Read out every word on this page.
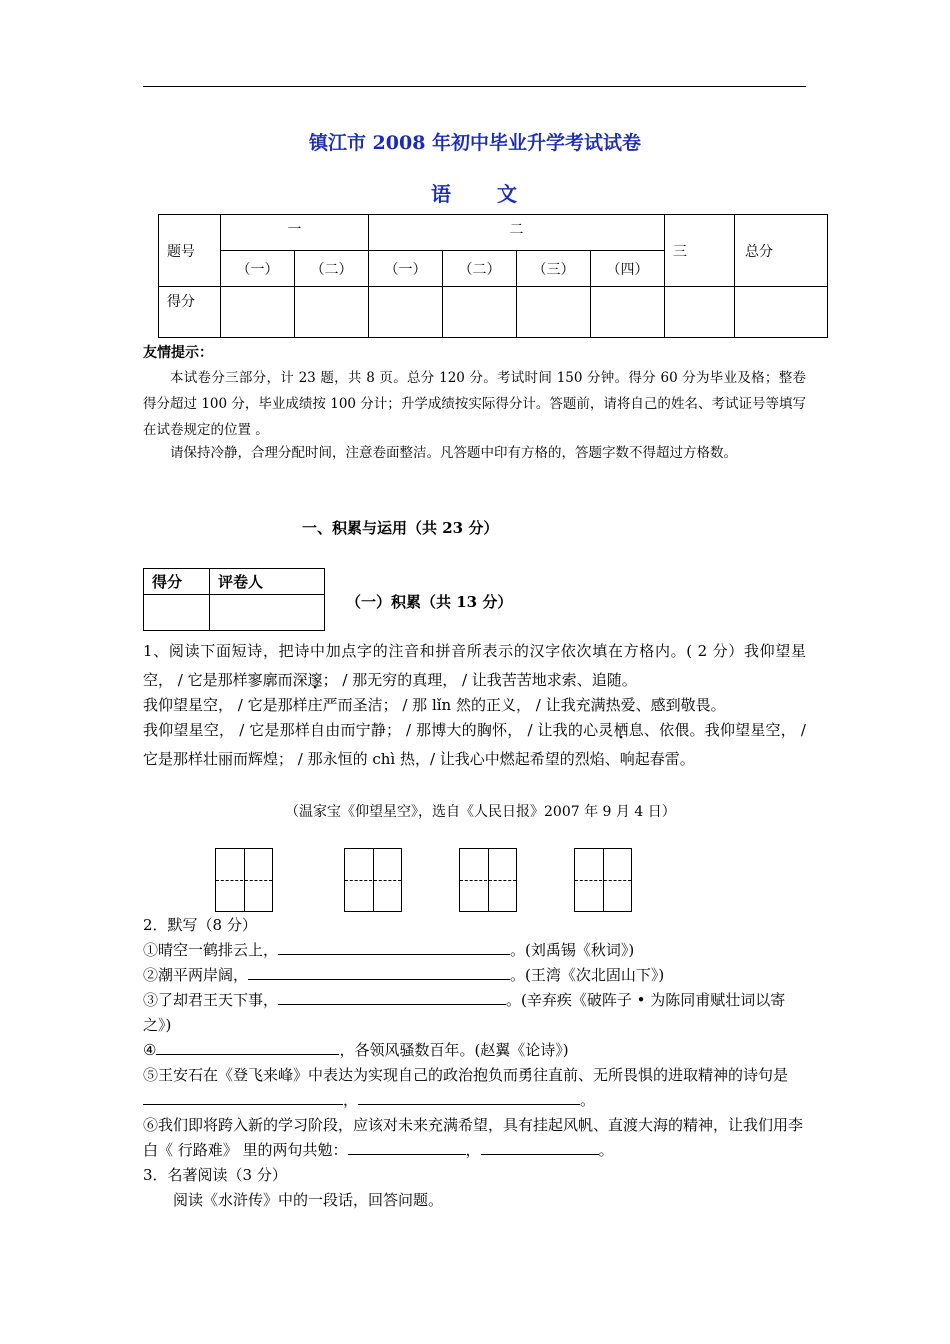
镇江市 2008 年初中毕业升学考试试卷
语 文
题号	一		二				三	总分
	（一）	（二）	（一）	（二）	（三）	（四）		
得分								
友情提示：
本试卷分三部分，计 23 题，共 8 页。总分 120 分。考试时间 150 分钟。得分 60 分为毕业及格；整卷得分超过 100 分，毕业成绩按 100 分计；升学成绩按实际得分计。答题前，请将自己的姓名、考试证号等填写在试卷规定的位置 。
请保持冷静，合理分配时间，注意卷面整洁。凡答题中印有方格的，答题字数不得超过方格数。
一、积累与运用（共 23 分）
得分	评卷人

（一）积累（共 13 分）
1、阅读下面短诗，把诗中加点字的注音和拼音所表示的汉字依次填在方格内。( 2 分）我仰望星空， / 它是那样寥廓而深邃； / 那无穷的真理， / 让我苦苦地求索、追随。
我仰望星空， / 它是那样庄严而圣洁； / 那 lǐn 然的正义， / 让我充满热爱、感到敬畏。
我仰望星空， / 它是那样自由而宁静； / 那博大的胸怀， / 让我的心灵栖息、依偎。我仰望星空， / 它是那样壮丽而辉煌； / 那永恒的 chì 热，/ 让我心中燃起希望的烈焰、响起春雷。
（温家宝《仰望星空》，选自《人民日报》2007 年 9 月 4 日）
2．默写（8 分）
①晴空一鹤排云上，	。(刘禹锡《秋词》)
②潮平两岸阔，	。(王湾《次北固山下》)
③了却君王天下事，	。(辛弃疾《破阵子 • 为陈同甫赋壮词以寄之》)
④	，各领风骚数百年。(赵翼《论诗》)
⑤王安石在《登飞来峰》中表达为实现自己的政治抱负而勇往直前、无所畏惧的进取精神的诗句是，	。
⑥我们即将跨入新的学习阶段，应该对未来充满希望，具有挂起风帆、直渡大海的精神，让我们用李白《 行路难》 里的两句共勉：	，	。
3．名著阅读（3 分）
阅读《水浒传》中的一段话，回答问题。
